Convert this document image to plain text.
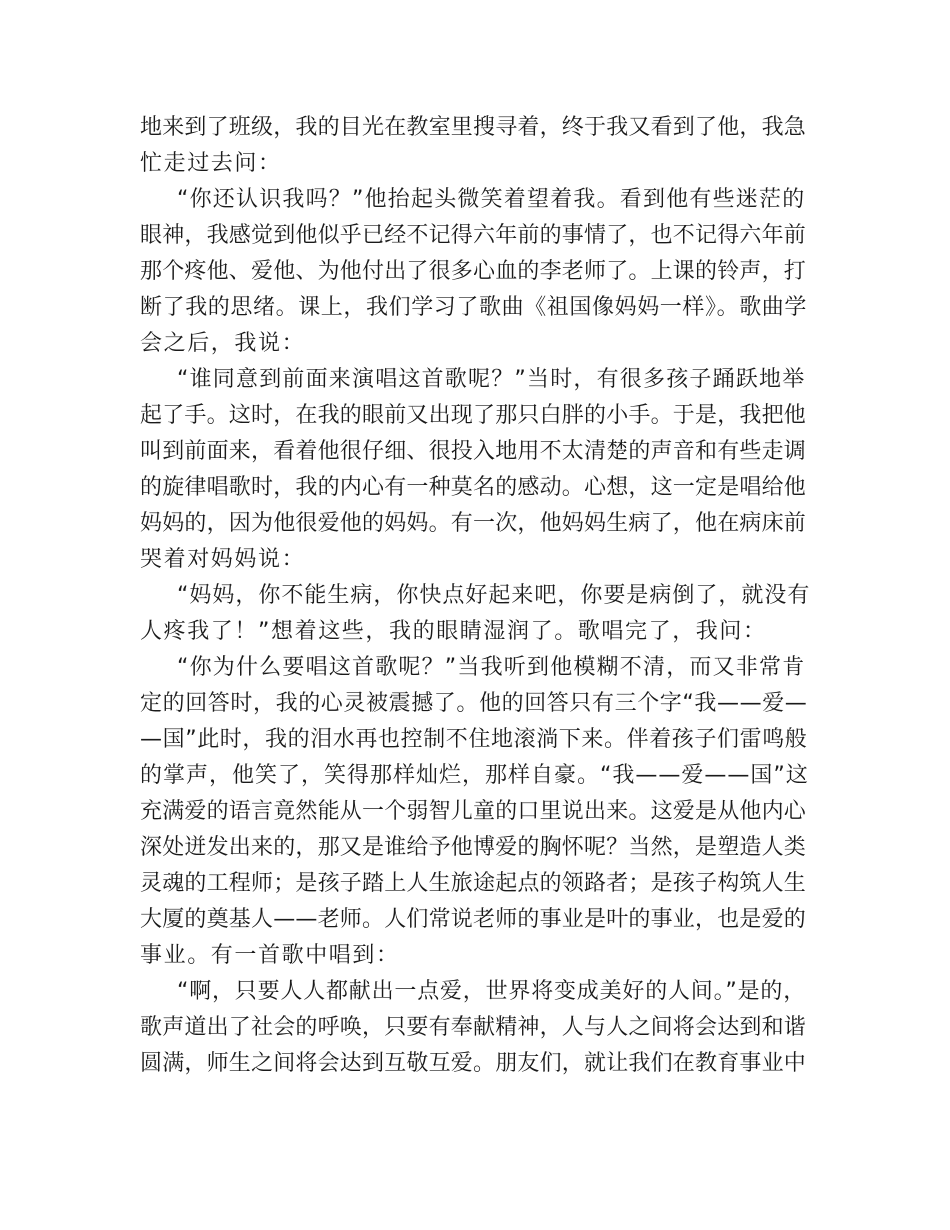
地来到了班级，我的目光在教室里搜寻着，终于我又看到了他，我急
忙走过去问：
“你还认识我吗？”他抬起头微笑着望着我。看到他有些迷茫的
眼神，我感觉到他似乎已经不记得六年前的事情了，也不记得六年前
那个疼他、爱他、为他付出了很多心血的李老师了。上课的铃声，打
断了我的思绪。课上，我们学习了歌曲《祖国像妈妈一样》。歌曲学
会之后，我说：
“谁同意到前面来演唱这首歌呢？”当时，有很多孩子踊跃地举
起了手。这时，在我的眼前又出现了那只白胖的小手。于是，我把他
叫到前面来，看着他很仔细、很投入地用不太清楚的声音和有些走调
的旋律唱歌时，我的内心有一种莫名的感动。心想，这一定是唱给他
妈妈的，因为他很爱他的妈妈。有一次，他妈妈生病了，他在病床前
哭着对妈妈说：
“妈妈，你不能生病，你快点好起来吧，你要是病倒了，就没有
人疼我了！”想着这些，我的眼睛湿润了。歌唱完了，我问：
“你为什么要唱这首歌呢？”当我听到他模糊不清，而又非常肯
定的回答时，我的心灵被震撼了。他的回答只有三个字“我——爱—
—国”此时，我的泪水再也控制不住地滚淌下来。伴着孩子们雷鸣般
的掌声，他笑了，笑得那样灿烂，那样自豪。“我——爱——国”这
充满爱的语言竟然能从一个弱智儿童的口里说出来。这爱是从他内心
深处迸发出来的，那又是谁给予他博爱的胸怀呢？当然，是塑造人类
灵魂的工程师；是孩子踏上人生旅途起点的领路者；是孩子构筑人生
大厦的奠基人——老师。人们常说老师的事业是叶的事业，也是爱的
事业。有一首歌中唱到：
“啊，只要人人都献出一点爱，世界将变成美好的人间。”是的，
歌声道出了社会的呼唤，只要有奉献精神，人与人之间将会达到和谐
圆满，师生之间将会达到互敬互爱。朋友们，就让我们在教育事业中
